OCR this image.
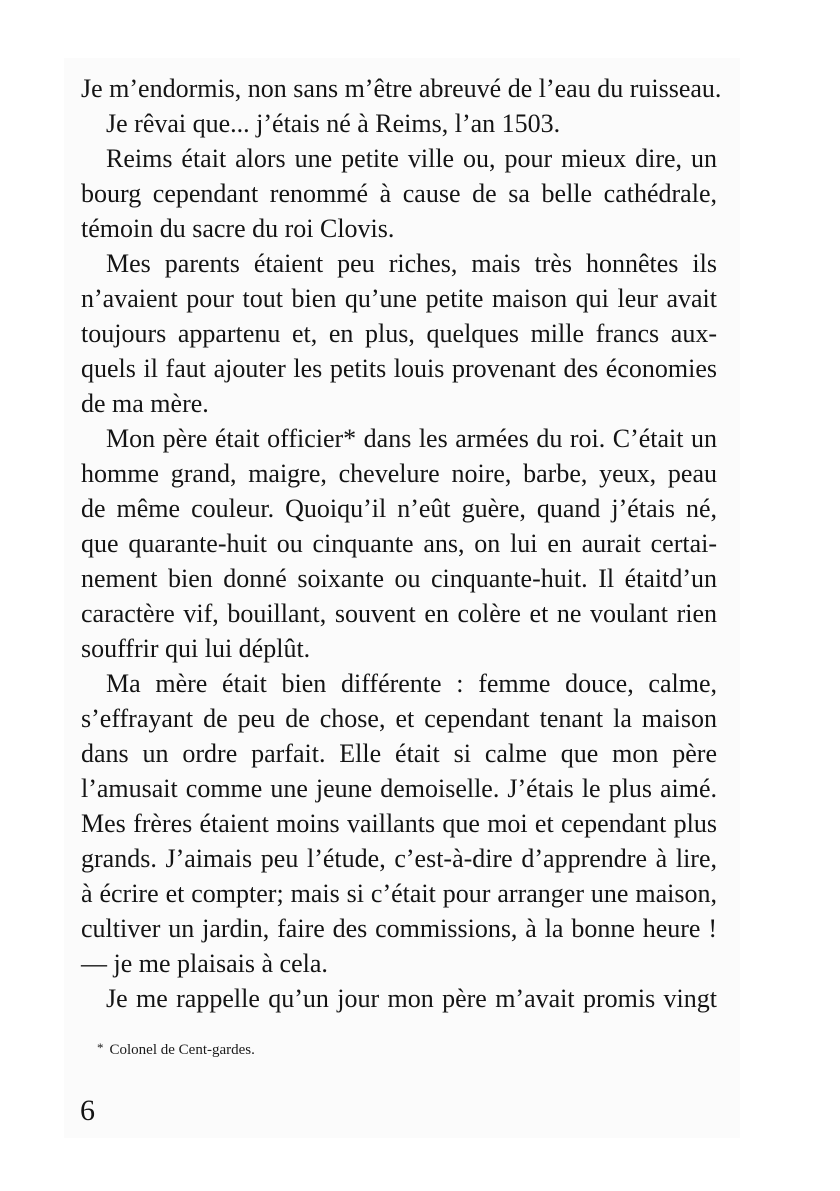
Je m’endormis, non sans m’être abreuvé de l’eau du ruisseau.
Je rêvai que... j’étais né à Reims, l’an 1503.
Reims était alors une petite ville ou, pour mieux dire, un
bourg cependant renommé à cause de sa belle cathédrale,
témoin du sacre du roi Clovis.
Mes parents étaient peu riches, mais très honnêtes ils
n’avaient pour tout bien qu’une petite maison qui leur avait
toujours appartenu et, en plus, quelques mille francs aux-
quels il faut ajouter les petits louis provenant des économies
de ma mère.
Mon père était officier* dans les armées du roi. C’était un
homme grand, maigre, chevelure noire, barbe, yeux, peau
de même couleur. Quoiqu’il n’eût guère, quand j’étais né,
que quarante-huit ou cinquante ans, on lui en aurait certai-
nement bien donné soixante ou cinquante-huit. Il étaitd’un
caractère vif, bouillant, souvent en colère et ne voulant rien
souffrir qui lui déplût.
Ma mère était bien différente : femme douce, calme,
s’effrayant de peu de chose, et cependant tenant la maison
dans un ordre parfait. Elle était si calme que mon père
l’amusait comme une jeune demoiselle. J’étais le plus aimé.
Mes frères étaient moins vaillants que moi et cependant plus
grands. J’aimais peu l’étude, c’est-à-dire d’apprendre à lire,
à écrire et compter; mais si c’était pour arranger une maison,
cultiver un jardin, faire des commissions, à la bonne heure !
— je me plaisais à cela.
Je me rappelle qu’un jour mon père m’avait promis vingt
* Colonel de Cent-gardes.
6
